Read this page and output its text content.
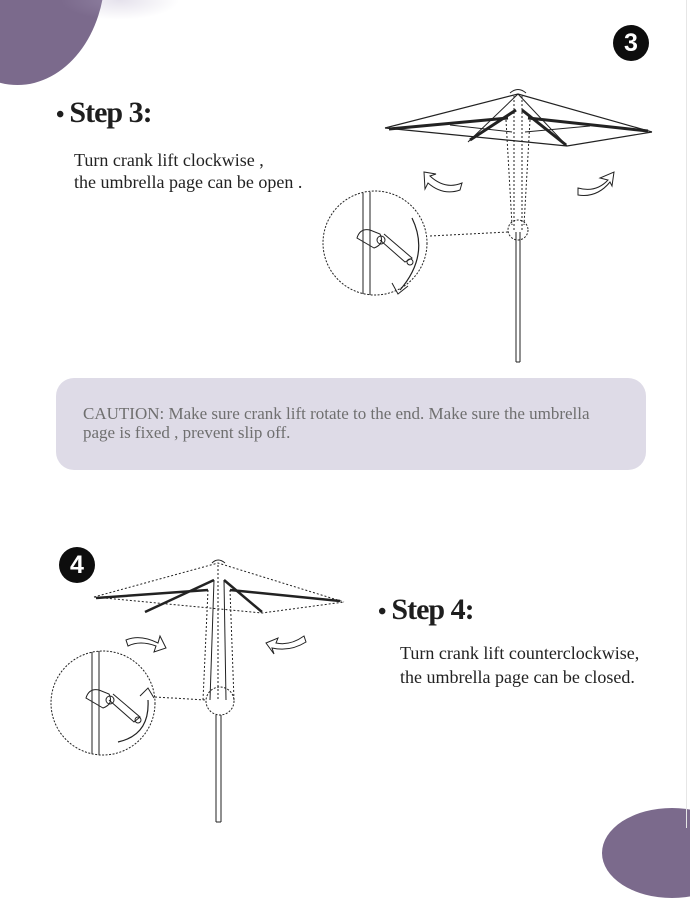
3
• Step 3:
Turn crank lift clockwise ,
the umbrella page can be open .
CAUTION: Make sure crank lift rotate to the end. Make sure the umbrella
page is fixed , prevent slip off.
4
• Step 4:
Turn crank lift counterclockwise,
the umbrella page can be closed.
